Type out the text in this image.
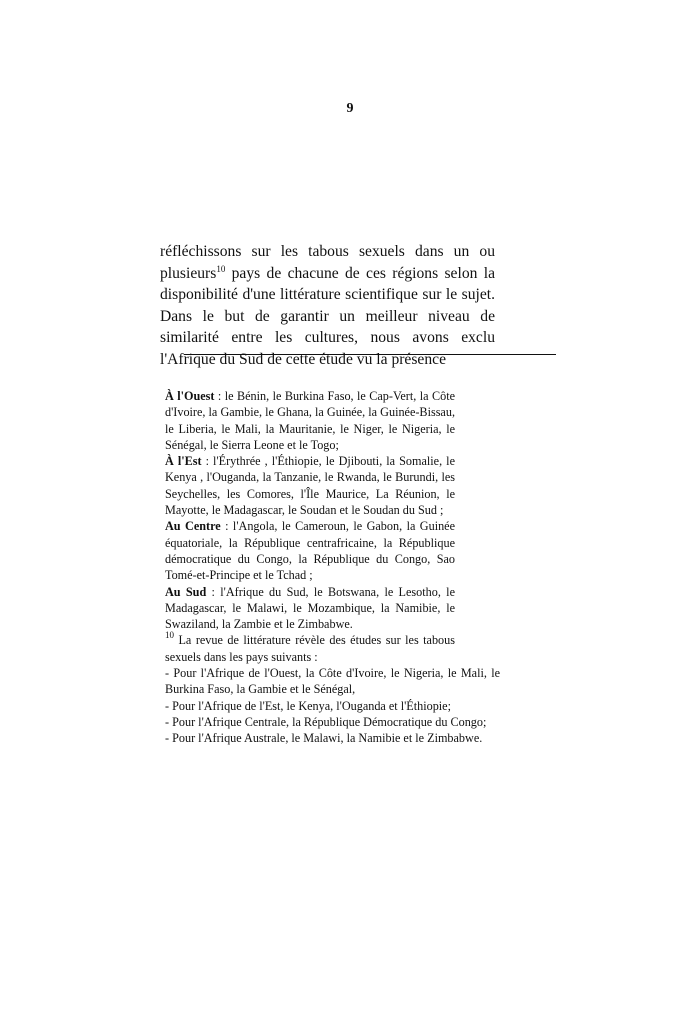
9

réfléchissons sur les tabous sexuels dans un ou plusieurs$^{10}$ pays de chacune de ces régions selon la disponibilité d'une littérature scientifique sur le sujet. Dans le but de garantir un meilleur niveau de similarité entre les cultures, nous avons exclu l'Afrique du Sud de cette étude vu la présence

À l'Ouest : le Bénin, le Burkina Faso, le Cap-Vert, la Côte d'Ivoire, la Gambie, le Ghana, la Guinée, la Guinée-Bissau, le Liberia, le Mali, la Mauritanie, le Niger, le Nigeria, le Sénégal, le Sierra Leone et le Togo;

À l'Est : l'Érythrée , l'Éthiopie, le Djibouti, la Somalie, le Kenya , l'Ouganda, la Tanzanie, le Rwanda, le Burundi, les Seychelles, les Comores, l'Île Maurice, La Réunion, le Mayotte, le Madagascar, le Soudan et le Soudan du Sud ;

Au Centre : l'Angola, le Cameroun, le Gabon, la Guinée équatoriale, la République centrafricaine, la République démocratique du Congo, la République du Congo, Sao Tomé-et-Principe et le Tchad ;

Au Sud : l'Afrique du Sud, le Botswana, le Lesotho, le Madagascar, le Malawi, le Mozambique, la Namibie, le Swaziland, la Zambie et le Zimbabwe.

$^{10}$ La revue de littérature révèle des études sur les tabous sexuels dans les pays suivants :

- Pour l'Afrique de l'Ouest, la Côte d'Ivoire, le Nigeria, le Mali, le Burkina Faso, la Gambie et le Sénégal,
- Pour l'Afrique de l'Est, le Kenya, l'Ouganda et l'Éthiopie;
- Pour l'Afrique Centrale, la République Démocratique du Congo;
- Pour l'Afrique Australe, le Malawi, la Namibie et le Zimbabwe.
